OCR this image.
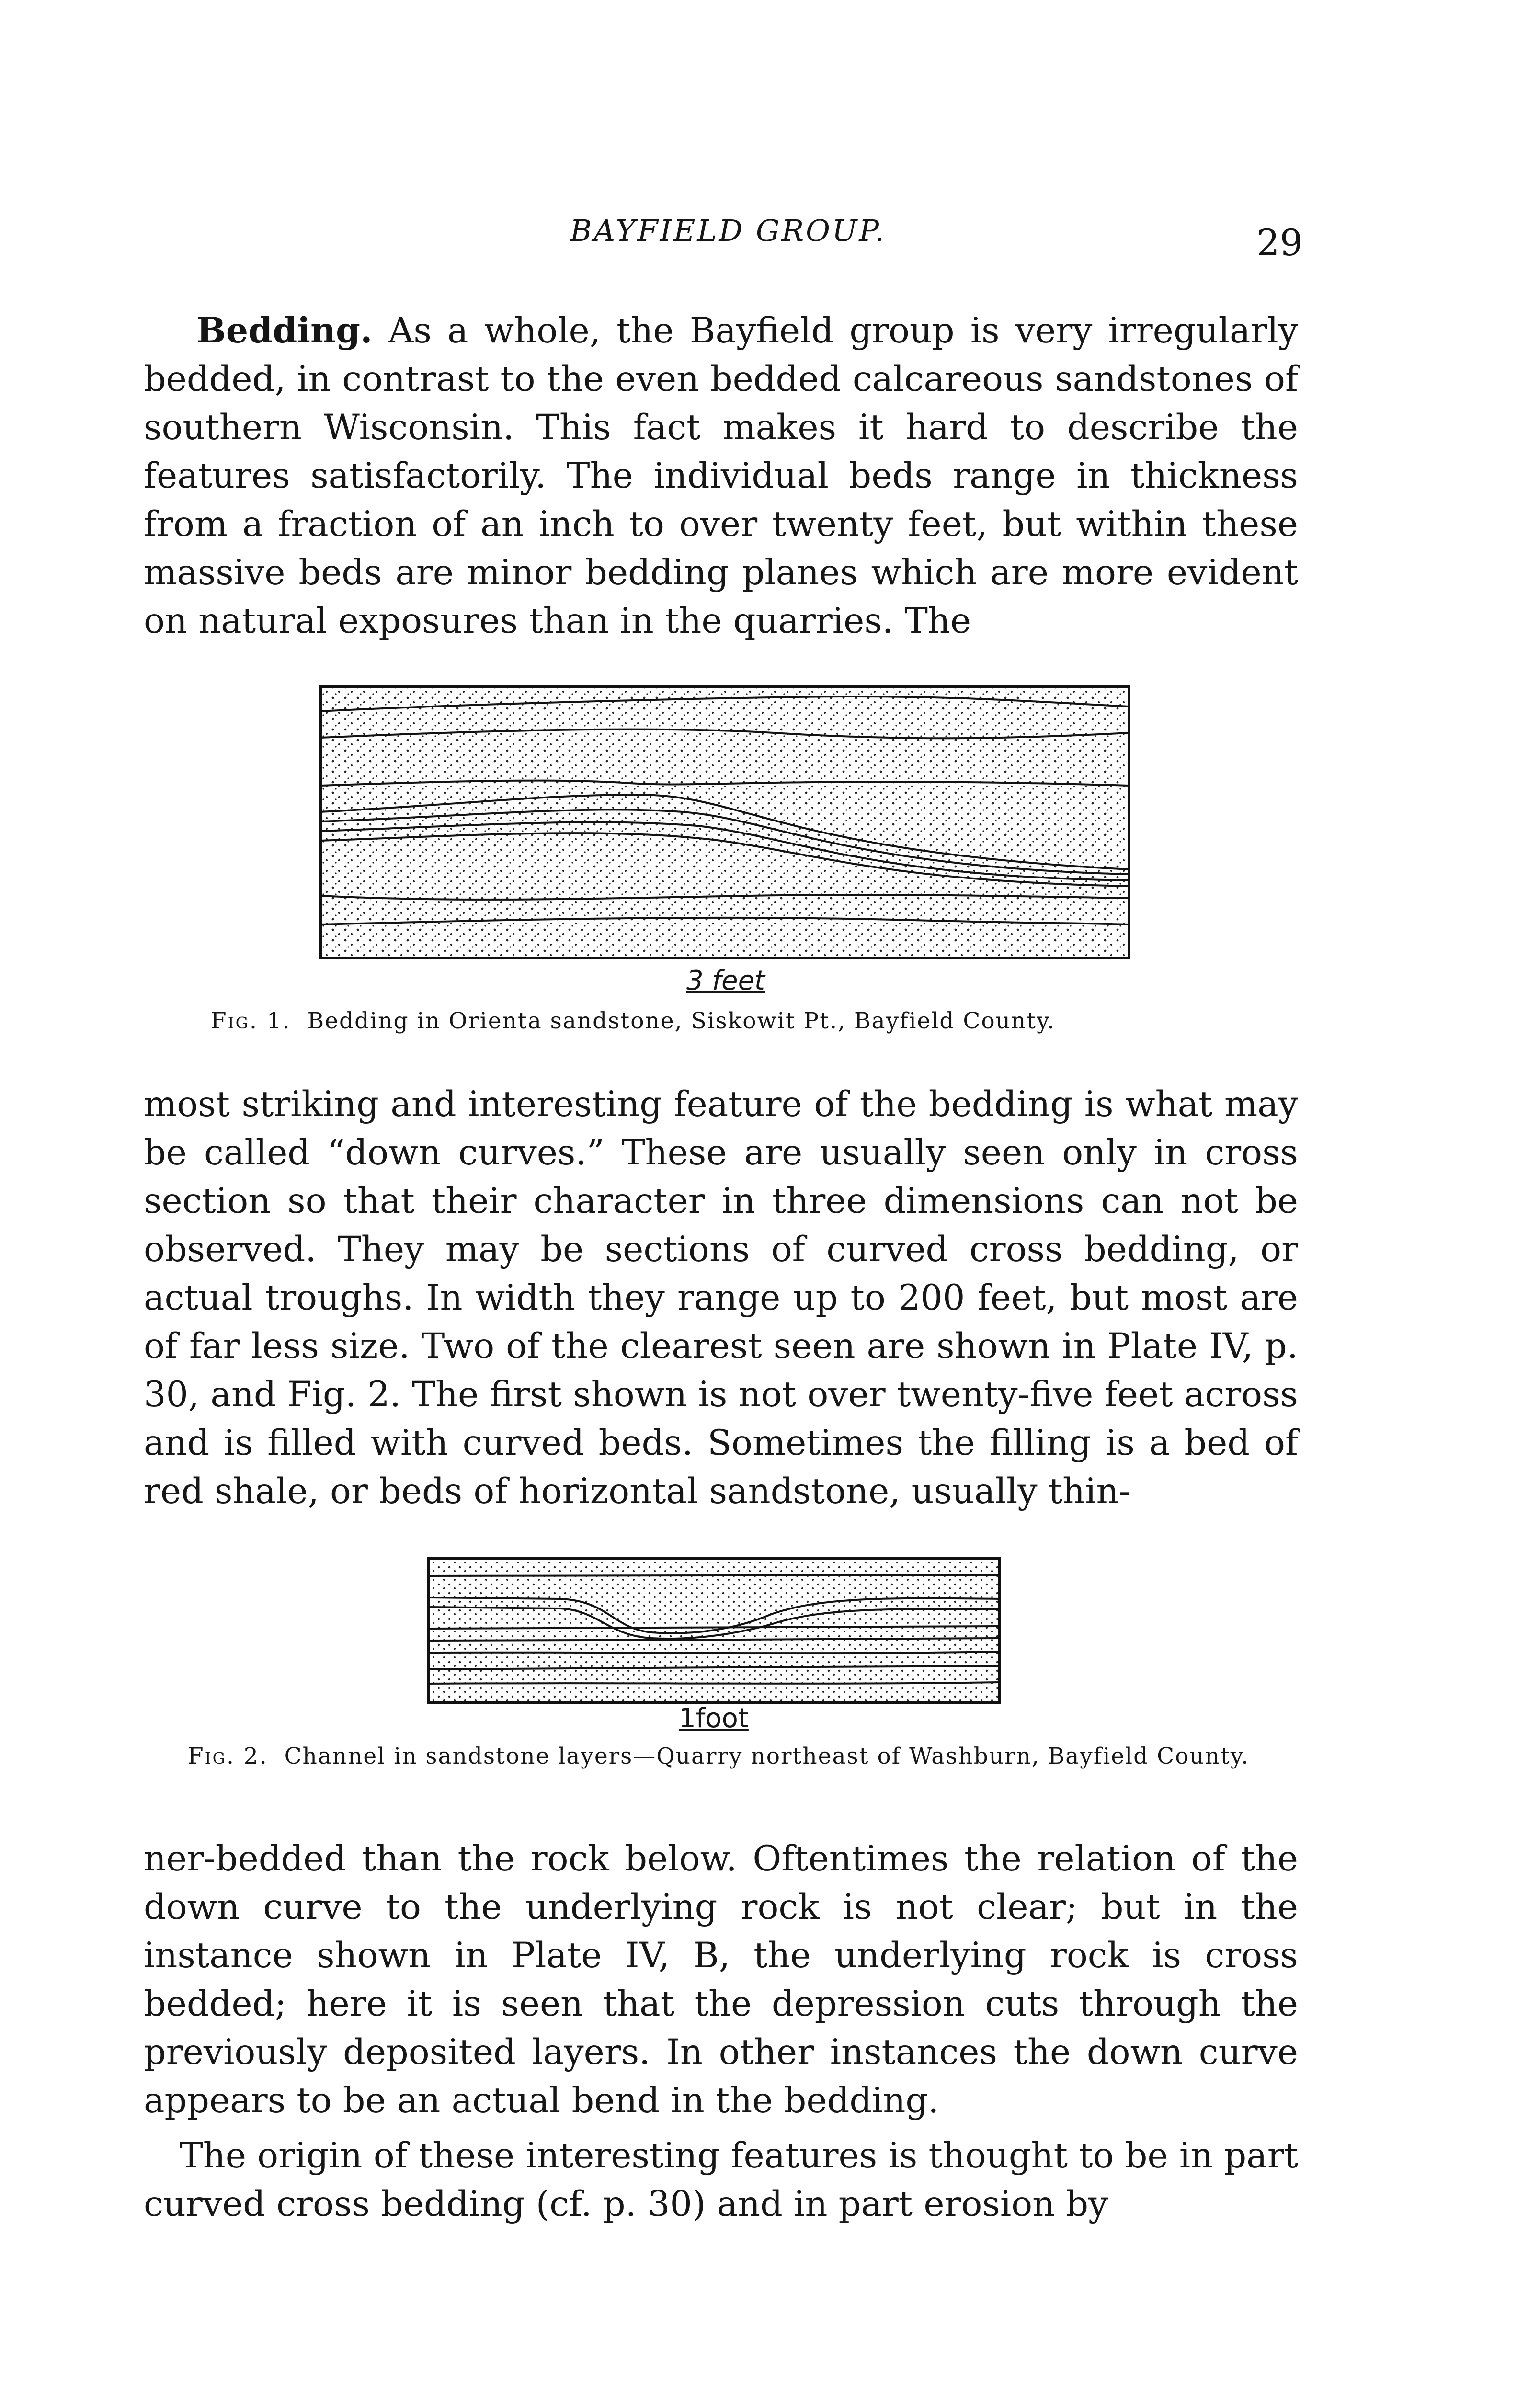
BAYFIELD GROUP.	29

Bedding. As a whole, the Bayfield group is very irregularly bedded, in contrast to the even bedded calcareous sandstones of southern Wisconsin. This fact makes it hard to describe the features satisfactorily. The individual beds range in thickness from a fraction of an inch to over twenty feet, but within these massive beds are minor bedding planes which are more evident on natural exposures than in the quarries. The

3 feet

Fig. 1. Bedding in Orienta sandstone, Siskowit Pt., Bayfield County.

most striking and interesting feature of the bedding is what may be called “down curves.” These are usually seen only in cross section so that their character in three dimensions can not be observed. They may be sections of curved cross bedding, or actual troughs. In width they range up to 200 feet, but most are of far less size. Two of the clearest seen are shown in Plate IV, p. 30, and Fig. 2. The first shown is not over twenty-five feet across and is filled with curved beds. Sometimes the filling is a bed of red shale, or beds of horizontal sandstone, usually thin-

1foot

Fig. 2. Channel in sandstone layers—Quarry northeast of Washburn, Bayfield County.

ner-bedded than the rock below. Oftentimes the relation of the down curve to the underlying rock is not clear; but in the instance shown in Plate IV, B, the underlying rock is cross bedded; here it is seen that the depression cuts through the previously deposited layers. In other instances the down curve appears to be an actual bend in the bedding.

The origin of these interesting features is thought to be in part curved cross bedding (cf. p. 30) and in part erosion by
